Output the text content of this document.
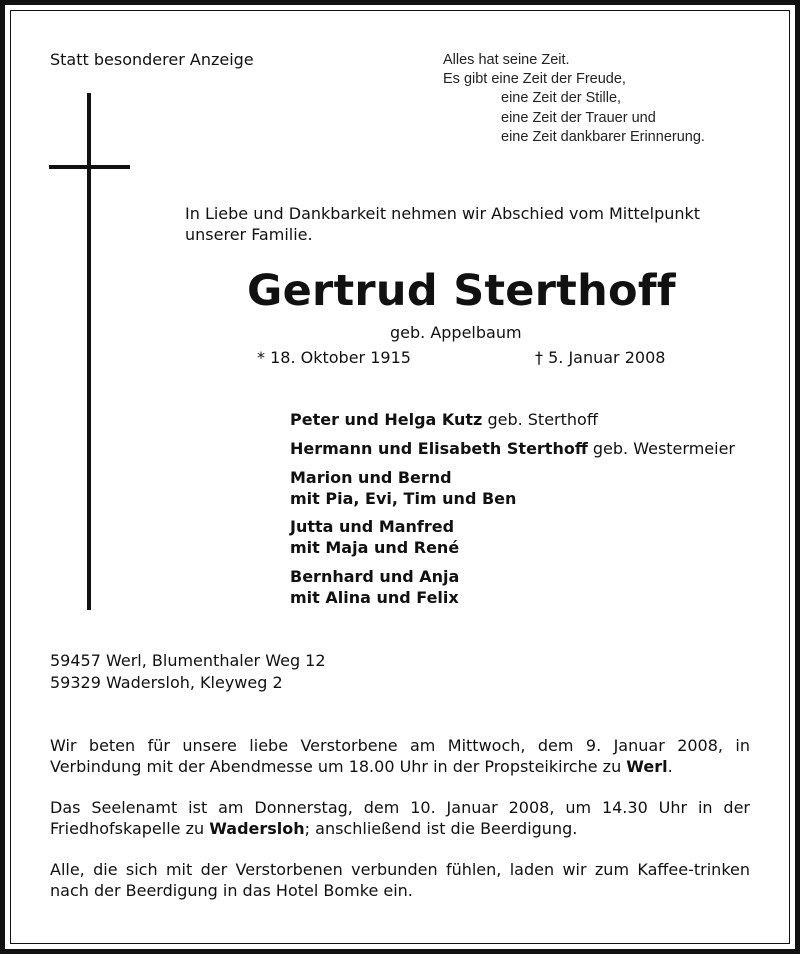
Statt besonderer Anzeige	Alles hat seine Zeit.
Es gibt eine Zeit der Freude,
eine Zeit der Stille,
eine Zeit der Trauer und
eine Zeit dankbarer Erinnerung.
In Liebe und Dankbarkeit nehmen wir Abschied vom Mittelpunkt
unserer Familie.
Gertrud Sterthoff
geb. Appelbaum
* 18. Oktober 1915	† 5. Januar 2008
Peter und Helga Kutz geb. Sterthoff
Hermann und Elisabeth Sterthoff geb. Westermeier
Marion und Bernd
mit Pia, Evi, Tim und Ben
Jutta und Manfred
mit Maja und René
Bernhard und Anja
mit Alina und Felix
59457 Werl, Blumenthaler Weg 12
59329 Wadersloh, Kleyweg 2
Wir beten für unsere liebe Verstorbene am Mittwoch, dem 9. Januar 2008, in Verbindung mit der Abendmesse um 18.00 Uhr in der Propsteikirche zu Werl.
Das Seelenamt ist am Donnerstag, dem 10. Januar 2008, um 14.30 Uhr in der Friedhofskapelle zu Wadersloh; anschließend ist die Beerdigung.
Alle, die sich mit der Verstorbenen verbunden fühlen, laden wir zum Kaffee-trinken nach der Beerdigung in das Hotel Bomke ein.
